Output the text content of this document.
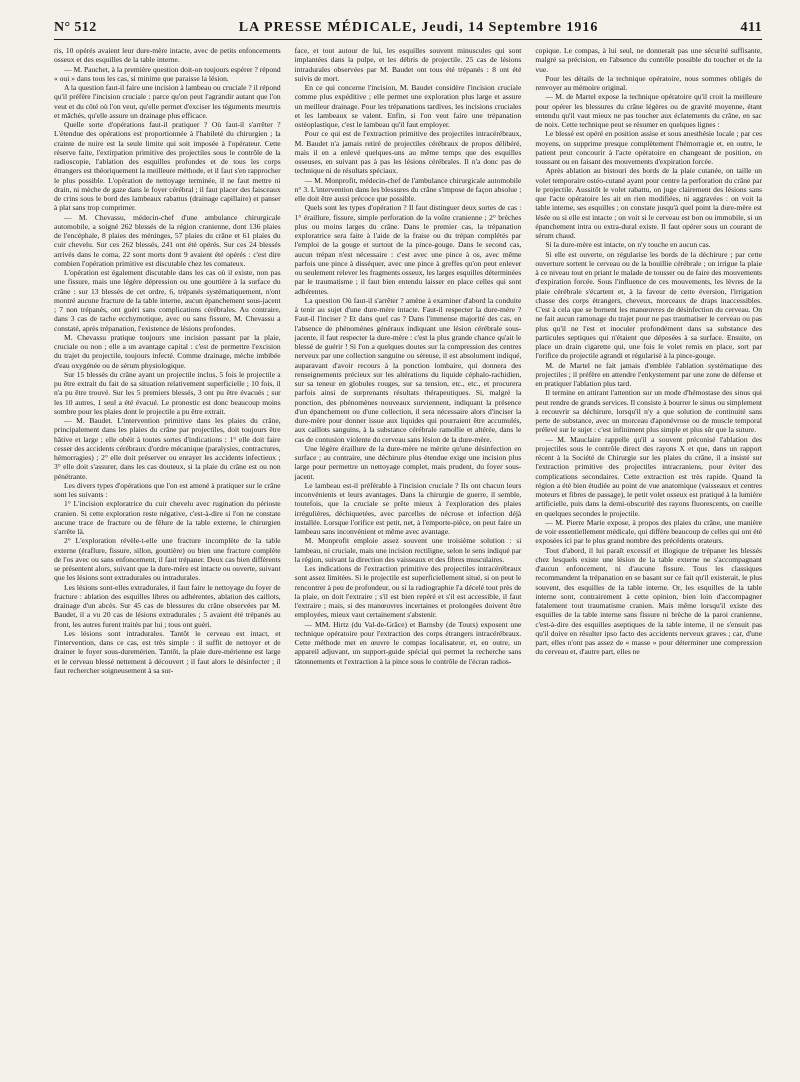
N° 512	LA PRESSE MÉDICALE, Jeudi, 14 Septembre 1916	411

ris, 10 opérés avaient leur dure-mère intacte, avec de petits enfoncements osseux et des esquilles de la table interne.

— M. Pauchet, à la première question doit-on toujours espérer ? répond « oui » dans tous les cas, si minime que paraisse la lésion.

A la question faut-il faire une incision à lambeau ou cruciale ? il répond qu'il préfère l'incision cruciale : parce qu'on peut l'agrandir autant que l'on veut et du côté où l'on veut, qu'elle permet d'exciser les téguments meurtris et mâchés, qu'elle assure un drainage plus efficace.

Quelle sorte d'opérations faut-il pratiquer ? Où faut-il s'arrêter ? L'étendue des opérations est proportionnée à l'habileté du chirurgien ; la crainte de nuire est la seule limite qui soit imposée à l'opérateur. Cette réserve faite, l'extirpation primitive des projectiles sous le contrôle de la radioscopie, l'ablation des esquilles profondes et de tous les corps étrangers est théoriquement la meilleure méthode, et il faut s'en rapprocher le plus possible. L'opération de nettoyage terminée, il ne faut mettre ni drain, ni mèche de gaze dans le foyer cérébral ; il faut placer des faisceaux de crins sous le bord des lambeaux rabattus (drainage capillaire) et panser à plat sans trop comprimer.

— M. Chevassu, médecin-chef d'une ambulance chirurgicale automobile, a soigné 262 blessés de la région cranienne, dont 136 plaies de l'encéphale, 8 plaies des méninges, 57 plaies du crâne et 61 plaies du cuir chevelu. Sur ces 262 blessés, 241 ont été opérés. Sur ces 24 blessés arrivés dans le coma, 22 sont morts dont 9 avaient été opérés : c'est dire combien l'opération primitive est discutable chez les comateux.

L'opération est également discutable dans les cas où il existe, non pas une fissure, mais une légère dépression ou une gouttière à la surface du crâne : sur 13 blessés de cet ordre, 6, trépanés systématiquement, n'ont montré aucune fracture de la table interne, aucun épanchement sous-jacent ; 7 non trépanés, ont guéri sans complications cérébrales. Au contraire, dans 3 cas de tache ecchymotique, avec ou sans fissure, M. Chevassu a constaté, après trépanation, l'existence de lésions profondes.

M. Chevassu pratique toujours une incision passant par la plaie, cruciale ou non ; elle a un avantage capital : c'est de permettre l'excision du trajet du projectile, toujours infecté. Comme drainage, mèche imbibée d'eau oxygénée ou de sérum physiologique.

Sur 15 blessés du crâne ayant un projectile inclus, 5 fois le projectile a pu être extrait du fait de sa situation relativement superficielle ; 10 fois, il n'a pu être trouvé. Sur les 5 premiers blessés, 3 ont pu être évacués ; sur les 10 autres, 1 seul a été évacué. Le pronostic est donc beaucoup moins sombre pour les plaies dont le projectile a pu être extrait.

— M. Baudet. L'intervention primitive dans les plaies du crâne, principalement dans les plaies du crâne par projectiles, doit toujours être hâtive et large ; elle obéit à toutes sortes d'indications : 1° elle doit faire cesser des accidents cérébraux d'ordre mécanique (paralysies, contractures, hémorragies) ; 2° elle doit préserver ou enrayer les accidents infectieux ; 3° elle doit s'assurer, dans les cas douteux, si la plaie du crâne est ou non pénétrante.

Les divers types d'opérations que l'on est amené à pratiquer sur le crâne sont les suivants :

1° L'incision exploratrice du cuir chevelu avec rugination du périoste cranien. Si cette exploration reste négative, c'est-à-dire si l'on ne constate aucune trace de fracture ou de fêlure de la table externe, le chirurgien s'arrête là.

2° L'exploration révèle-t-elle une fracture incomplète de la table externe (éraflure, fissure, sillon, gouttière) ou bien une fracture complète de l'os avec ou sans enfoncement, il faut trépaner. Deux cas bien différents se présentent alors, suivant que la dure-mère est intacte ou ouverte, suivant que les lésions sont extradurales ou intradurales.

Les lésions sont-elles extradurales, il faut faire le nettoyage du foyer de fracture : ablation des esquilles libres ou adhérentes, ablation des caillots, drainage d'un abcès. Sur 45 cas de blessures du crâne observées par M. Baudet, il a vu 20 cas de lésions extradurales ; 5 avaient été trépanés au front, les autres furent traités par lui ; tous ont guéri.

Les lésions sont intradurales. Tantôt le cerveau est intact, et l'intervention, dans ce cas, est très simple : il suffit de nettoyer et de drainer le foyer sous-duremérien. Tantôt, la plaie dure-mérienne est large et le cerveau blessé nettement à découvert ; il faut alors le désinfecter ; il faut rechercher soigneusement à sa sur-

face, et tout autour de lui, les esquilles souvent minuscules qui sont implantées dans la pulpe, et les débris de projectile. 25 cas de lésions intradurales observées par M. Baudet ont tous été trépanés : 8 ont été suivis de mort.

En ce qui concerne l'incision, M. Baudet considère l'incision cruciale comme plus expéditive ; elle permet une exploration plus large et assure un meilleur drainage. Pour les trépanations tardives, les incisions cruciales et les lambeaux se valent. Enfin, si l'on veut faire une trépanation ostéoplastique, c'est le lambeau qu'il faut employer.

Pour ce qui est de l'extraction primitive des projectiles intracérébraux, M. Baudet n'a jamais retiré de projectiles cérébraux de propos délibéré, mais il en a enlevé quelques-uns au même temps que des esquilles osseuses, en suivant pas à pas les lésions cérébrales. Il n'a donc pas de technique ni de résultats spéciaux.

— M. Monprofit, médecin-chef de l'ambulance chirurgicale automobile n° 3. L'intervention dans les blessures du crâne s'impose de façon absolue ; elle doit être aussi précoce que possible.

Quels sont les types d'opération ? Il faut distinguer deux sortes de cas : 1° éraillure, fissure, simple perforation de la voûte cranienne ; 2° brèches plus ou moins larges du crâne. Dans le premier cas, la trépanation exploratrice sera faite à l'aide de la fraise ou du trépan complétés par l'emploi de la gouge et surtout de la pince-gouge. Dans le second cas, aucun trépan n'est nécessaire : c'est avec une pince à os, avec même parfois une pince à disséquer, avec une pince à greffes qu'on peut enlever ou seulement relever les fragments osseux, les larges esquilles déterminées par le traumatisme ; il faut bien entendu laisser en place celles qui sont adhérentes.

La question Où faut-il s'arrêter ? amène à examiner d'abord la conduite à tenir au sujet d'une dure-mère intacte. Faut-il respecter la dure-mère ? Faut-il l'inciser ? Et dans quel cas ? Dans l'immense majorité des cas, en l'absence de phénomènes généraux indiquant une lésion cérébrale sous-jacente, il faut respecter la dure-mère : c'est la plus grande chance qu'ait le blessé de guérir ! Si l'on a quelques doutes sur la compression des centres nerveux par une collection sanguine ou séreuse, il est absolument indiqué, auparavant d'avoir recours à la ponction lombaire, qui donnera des renseignements précieux sur les altérations du liquide céphalo-rachidien, sur sa teneur en globules rouges, sur sa tension, etc., etc., et procurera parfois ainsi de surprenants résultats thérapeutiques. Si, malgré la ponction, des phénomènes nouveaux surviennent, indiquant la présence d'un épanchement ou d'une collection, il sera nécessaire alors d'inciser la dure-mère pour donner issue aux liquides qui pourraient être accumulés, aux caillots sanguins, à la substance cérébrale ramollie et altérée, dans le cas de contusion violente du cerveau sans lésion de la dure-mère.

Une légère éraillure de la dure-mère ne mérite qu'une désinfection en surface ; au contraire, une déchirure plus étendue exige une incision plus large pour permettre un nettoyage complet, mais prudent, du foyer sous-jacent.

Le lambeau est-il préférable à l'incision cruciale ? Ils ont chacun leurs inconvénients et leurs avantages. Dans la chirurgie de guerre, il semble, toutefois, que la cruciale se prête mieux à l'exploration des plaies irrégulières, déchiquetées, avec parcelles de nécrose et infection déjà installée. Lorsque l'orifice est petit, net, à l'emporte-pièce, on peut faire un lambeau sans inconvénient et même avec avantage.

M. Monprofit emploie assez souvent une troisième solution : si lambeau, ni cruciale, mais une incision rectiligne, selon le sens indiqué par la région, suivant la direction des vaisseaux et des fibres musculaires.

Les indications de l'extraction primitive des projectiles intracérébraux sont assez limitées. Si le projectile est superficiellement situé, si on peut le rencontrer à peu de profondeur, ou si la radiographie l'a décelé tout près de la plaie, on doit l'extraire ; s'il est bien repéré et s'il est accessible, il faut l'extraire ; mais, si des manœuvres incertaines et prolongées doivent être employées, mieux vaut certainement s'abstenir.

— MM. Hirtz (du Val-de-Grâce) et Barnsby (de Tours) exposent une technique opératoire pour l'extraction des corps étrangers intracérébraux. Cette méthode met en œuvre le compas localisateur, et, en outre, un appareil adjuvant, un support-guide spécial qui permet la recherche sans tâtonnements et l'extraction à la pince sous le contrôle de l'écran radios-

copique. Le compas, à lui seul, ne donnerait pas une sécurité suffisante, malgré sa précision, en l'absence du contrôle possible du toucher et de la vue.

Pour les détails de la technique opératoire, nous sommes obligés de renvoyer au mémoire original.

— M. de Martel expose la technique opératoire qu'il croit la meilleure pour opérer les blessures du crâne légères ou de gravité moyenne, étant entendu qu'il vaut mieux ne pas toucher aux éclatements du crâne, en sac de noix. Cette technique peut se résumer en quelques lignes :

Le blessé est opéré en position assise et sous anesthésie locale ; par ces moyens, on supprime presque complètement l'hémorragie et, en outre, le patient peut concourir à l'acte opératoire en changeant de position, en toussant ou en faisant des mouvements d'expiration forcée.

Après ablation au bistouri des bords de la plaie cutanée, on taille un volet temporaire ostéo-cutané ayant pour centre la perforation du crâne par le projectile. Aussitôt le volet rabattu, on juge clairement des lésions sans que l'acte opératoire les ait en rien modifiées, ni aggravées : on voit la table interne, ses esquilles ; on constate jusqu'à quel point la dure-mère est lésée ou si elle est intacte ; on voit si le cerveau est bon ou immobile, si un épanchement intra ou extra-dural existe. Il faut opérer sous un courant de sérum chaud.

Si la dure-mère est intacte, on n'y touche en aucun cas.

Si elle est ouverte, on régularise les bords de la déchirure ; par cette ouverture sortent le cerveau ou de la bouillie cérébrale ; on irrigue la plaie à ce niveau tout en priant le malade de tousser ou de faire des mouvements d'expiration forcée. Sous l'influence de ces mouvements, les lèvres de la plaie cérébrale s'écartent et, à la faveur de cette éversion, l'irrigation chasse des corps étrangers, cheveux, morceaux de draps inaccessibles. C'est à cela que se bornent les manœuvres de désinfection du cerveau. On ne fait aucun ramonage du trajet pour ne pas traumatiser le cerveau ou pas plus qu'il ne l'est et inoculer profondément dans sa substance des particules septiques qui n'étaient que déposées à sa surface. Ensuite, on place un drain cigarette qui, une fois le volet remis en place, sort par l'orifice du projectile agrandi et régularisé à la pince-gouge.

M. de Martel ne fait jamais d'emblée l'ablation systématique des projectiles ; il préfère en attendre l'enkystement par une zone de défense et en pratiquer l'ablation plus tard.

Il termine en attirant l'attention sur un mode d'hémostase des sinus qui peut rendre de grands services. Il consiste à bourrer le sinus ou simplement à recouvrir sa déchirure, lorsqu'il n'y a que solution de continuité sans perte de substance, avec un morceau d'aponévrose ou de muscle temporal prélevé sur le sujet : c'est infiniment plus simple et plus sûr que la suture.

— M. Mauclaire rappelle qu'il a souvent préconisé l'ablation des projectiles sous le contrôle direct des rayons X et que, dans un rapport récent à la Société de Chirurgie sur les plaies du crâne, il a insisté sur l'extraction primitive des projectiles intracraniens, pour éviter des complications secondaires. Cette extraction est très rapide. Quand la région a été bien étudiée au point de vue anatomique (vaisseaux et centres moteurs et fibres de passage), le petit volet osseux est pratiqué à la lumière artificielle, puis dans la demi-obscurité des rayons fluorescents, on cueille en quelques secondes le projectile.

— M. Pierre Marie expose, à propos des plaies du crâne, une manière de voir essentiellement médicale, qui diffère beaucoup de celles qui ont été exposées ici par le plus grand nombre des précédents orateurs.

Tout d'abord, il lui paraît excessif et illogique de trépaner les blessés chez lesquels existe une lésion de la table externe ne s'accompagnant d'aucun enfoncement, ni d'aucune fissure. Tous les classiques recommandent la trépanation en se basant sur ce fait qu'il existerait, le plus souvent, des esquilles de la table interne. Or, les esquilles de la table interne sont, contrairement à cette opinion, bien loin d'accompagner fatalement tout traumatisme cranien. Mais même lorsqu'il existe des esquilles de la table interne sans fissure ni brèche de la paroi cranienne, c'est-à-dire des esquilles aseptiques de la table interne, il ne s'ensuit pas qu'il doive en résulter ipso facto des accidents nerveux graves ; car, d'une part, elles n'ont pas assez de « masse » pour déterminer une compression du cerveau et, d'autre part, elles ne
